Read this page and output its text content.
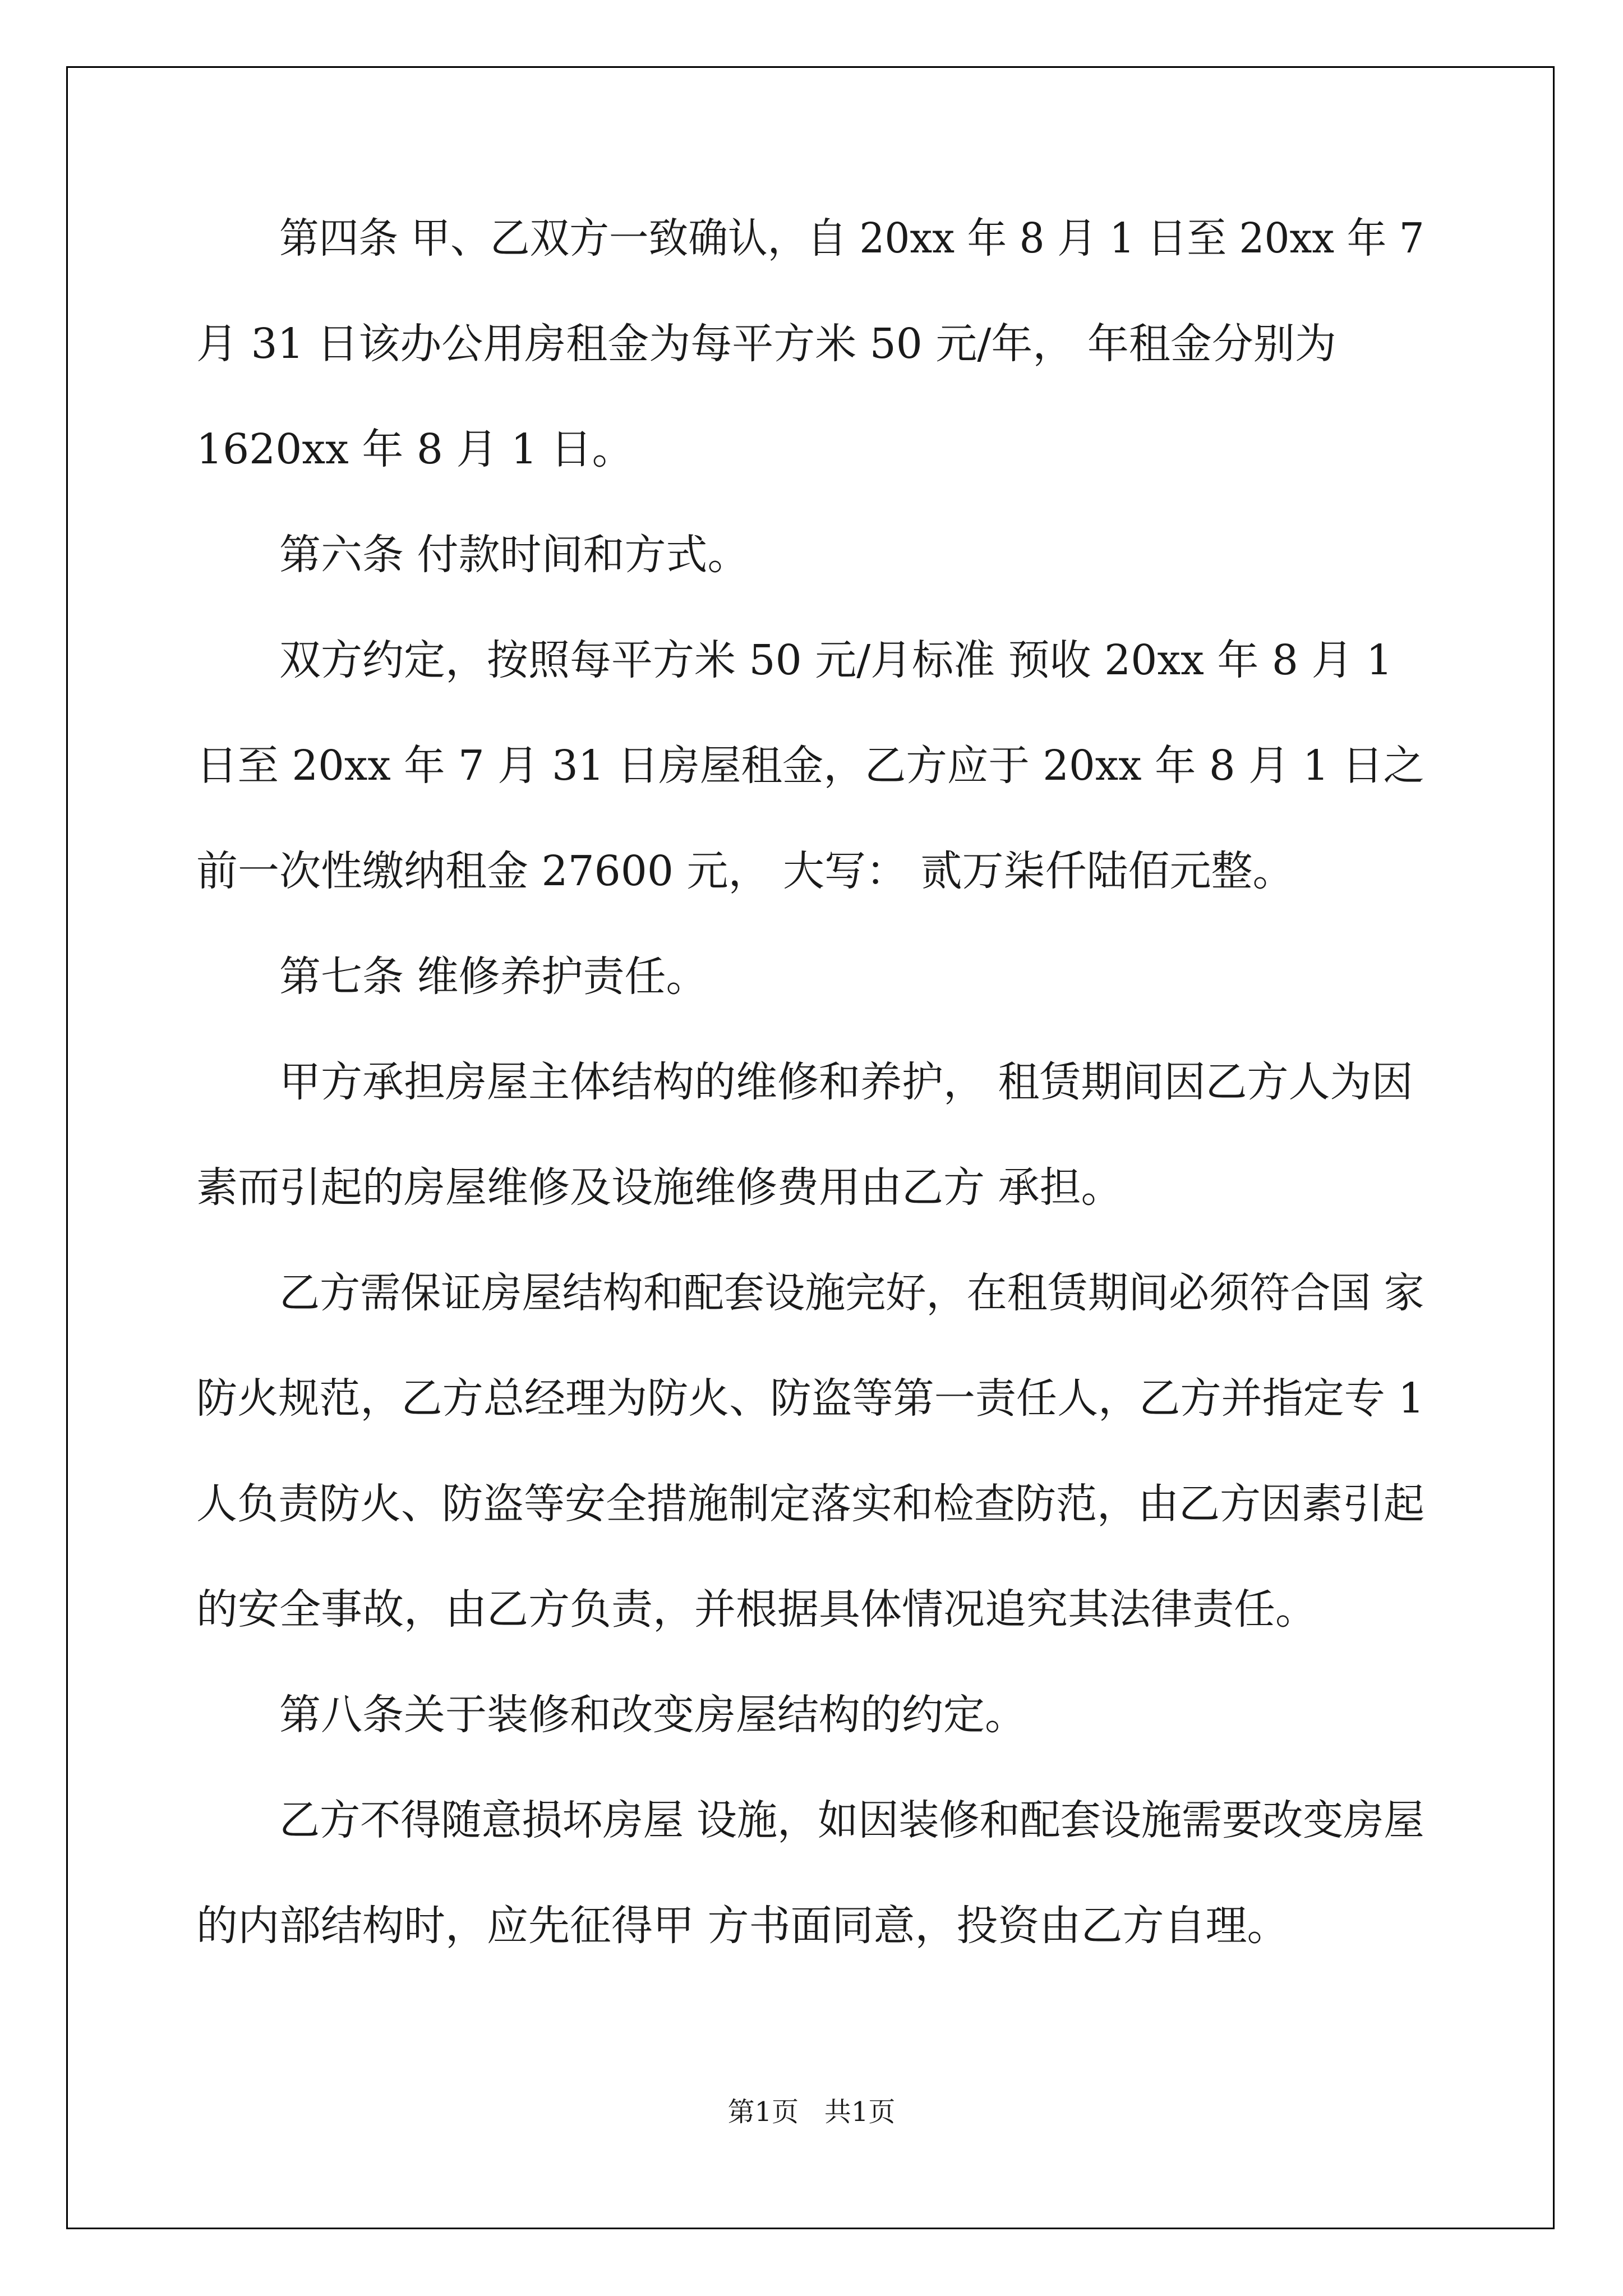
第四条 甲、乙双方一致确认，自 20xx 年 8 月 1 日至 20xx 年 7
月 31 日该办公用房租金为每平方米 50 元/年， 年租金分别为
1620xx 年 8 月 1 日。
第六条 付款时间和方式。
双方约定，按照每平方米 50 元/月标准 预收 20xx 年 8 月 1
日至 20xx 年 7 月 31 日房屋租金，乙方应于 20xx 年 8 月 1 日之
前一次性缴纳租金 27600 元， 大写： 贰万柒仟陆佰元整。
第七条 维修养护责任。
甲方承担房屋主体结构的维修和养护， 租赁期间因乙方人为因
素而引起的房屋维修及设施维修费用由乙方 承担。
乙方需保证房屋结构和配套设施完好，在租赁期间必须符合国 家
防火规范，乙方总经理为防火、防盗等第一责任人，乙方并指定专 1
人负责防火、防盗等安全措施制定落实和检查防范，由乙方因素引起
的安全事故，由乙方负责，并根据具体情况追究其法律责任。
第八条关于装修和改变房屋结构的约定。
乙方不得随意损坏房屋 设施，如因装修和配套设施需要改变房屋
的内部结构时，应先征得甲 方书面同意，投资由乙方自理。
第1页   共1页
